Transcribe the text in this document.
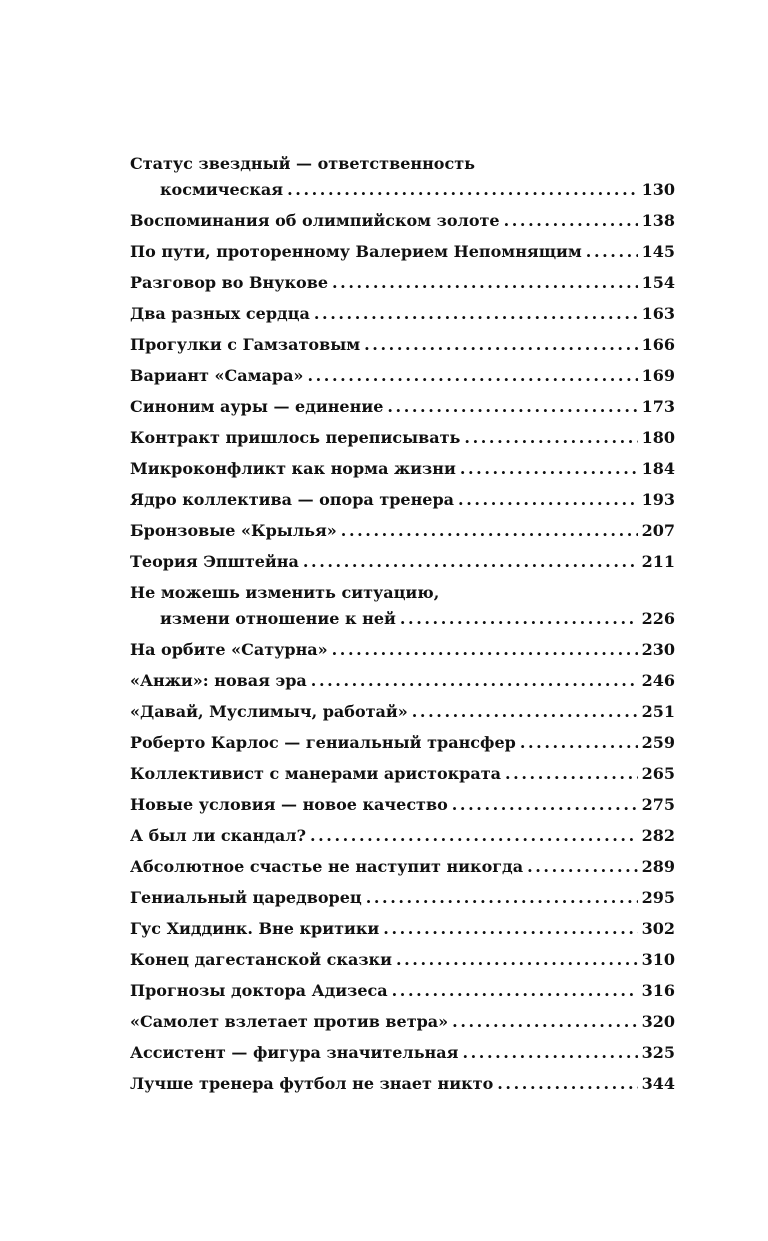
Статус звездный — ответственность
космическая .....	130
Воспоминания об олимпийском золоте .....	138
По пути, проторенному Валерием Непомнящим .....	145
Разговор во Внукове .....	154
Два разных сердца .....	163
Прогулки с Гамзатовым .....	166
Вариант «Самара» .....	169
Синоним ауры — единение .....	173
Контракт пришлось переписывать .....	180
Микроконфликт как норма жизни .....	184
Ядро коллектива — опора тренера .....	193
Бронзовые «Крылья» .....	207
Теория Эпштейна .....	211
Не можешь изменить ситуацию,
измени отношение к ней .....	226
На орбите «Сатурна» .....	230
«Анжи»: новая эра .....	246
«Давай, Муслимыч, работай» .....	251
Роберто Карлос — гениальный трансфер .....	259
Коллективист с манерами аристократа .....	265
Новые условия — новое качество .....	275
А был ли скандал? .....	282
Абсолютное счастье не наступит никогда .....	289
Гениальный царедворец .....	295
Гус Хиддинк. Вне критики .....	302
Конец дагестанской сказки .....	310
Прогнозы доктора Адизеса .....	316
«Самолет взлетает против ветра» .....	320
Ассистент — фигура значительная .....	325
Лучше тренера футбол не знает никто .....	344
